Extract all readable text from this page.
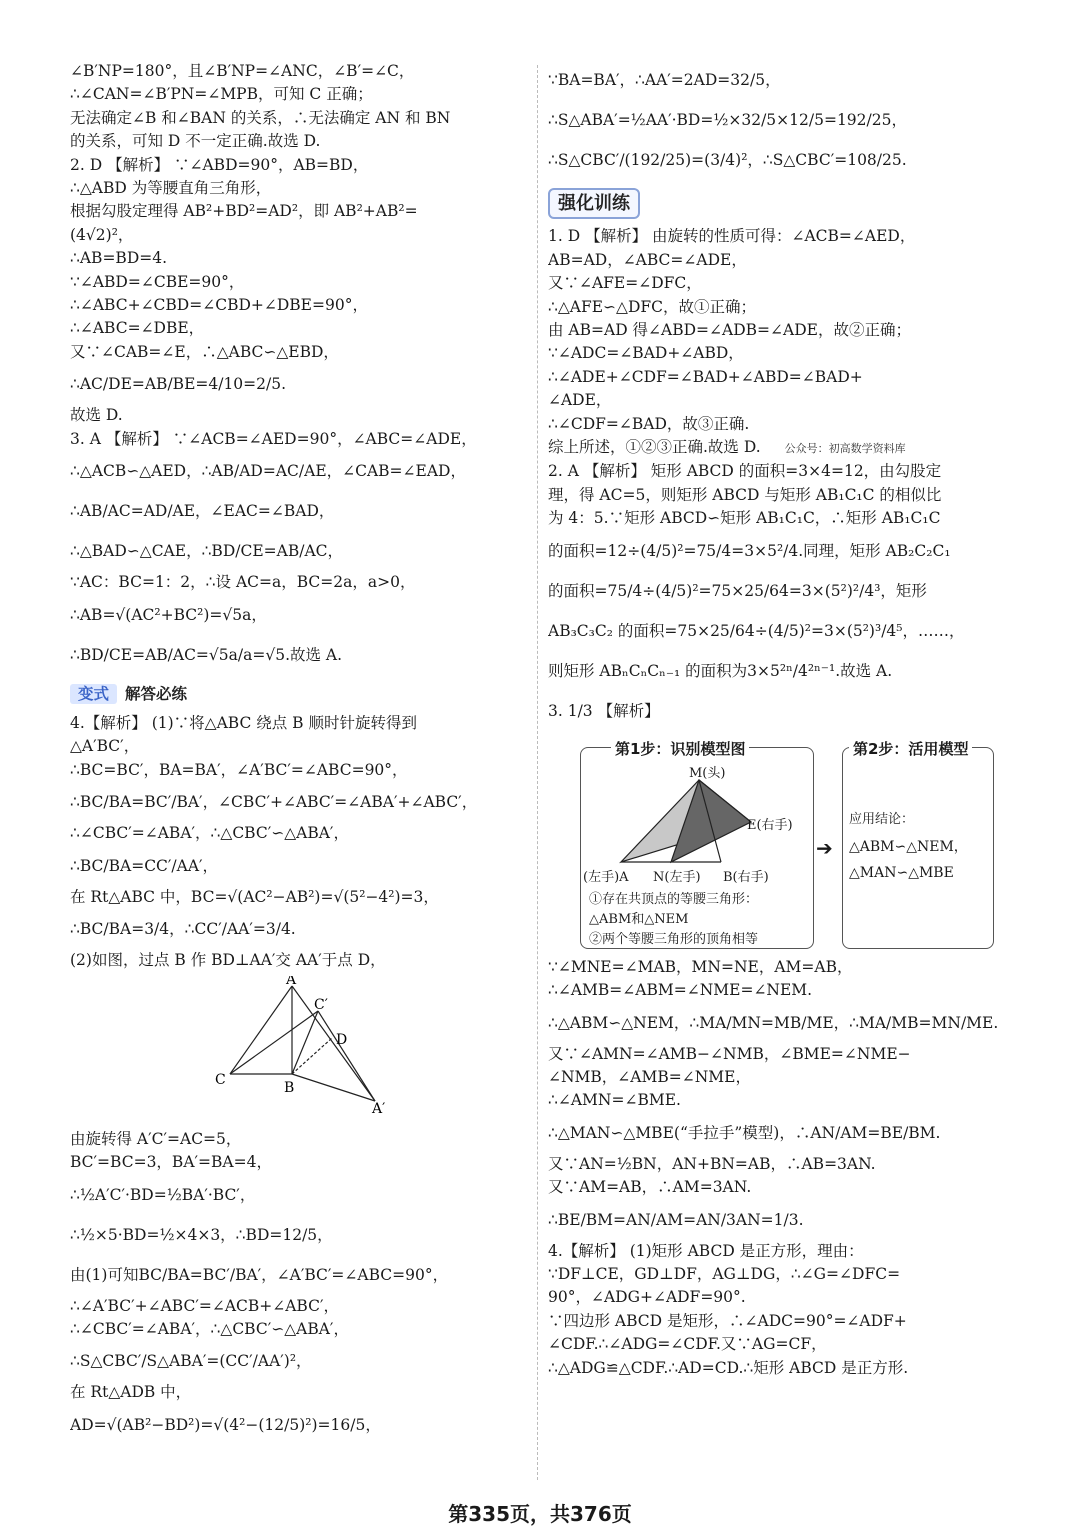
∠B′NP=180°，且∠B′NP=∠ANC，∠B′=∠C，
∴∠CAN=∠B′PN=∠MPB，可知 C 正确；
无法确定∠B 和∠BAN 的关系，∴无法确定 AN 和 BN
的关系，可知 D 不一定正确.故选 D.
2. D 【解析】 ∵∠ABD=90°，AB=BD，
∴△ABD 为等腰直角三角形，
根据勾股定理得 AB²+BD²=AD²，即 AB²+AB²=
(4√2)²，
∴AB=BD=4.
∵∠ABD=∠CBE=90°，
∴∠ABC+∠CBD=∠CBD+∠DBE=90°，
∴∠ABC=∠DBE，
又∵∠CAB=∠E，∴△ABC∽△EBD，
∴AC/DE=AB/BE=4/10=2/5.
故选 D.
3. A 【解析】 ∵∠ACB=∠AED=90°，∠ABC=∠ADE，
∴△ACB∽△AED，∴AB/AD=AC/AE，∠CAB=∠EAD，
∴AB/AC=AD/AE，∠EAC=∠BAD，
∴△BAD∽△CAE，∴BD/CE=AB/AC，
∵AC：BC=1：2，∴设 AC=a，BC=2a，a>0，
∴AB=√(AC²+BC²)=√5a，
∴BD/CE=AB/AC=√5a/a=√5.故选 A.
变式 解答必练
4.【解析】 (1)∵将△ABC 绕点 B 顺时针旋转得到
△A′BC′，
∴BC=BC′，BA=BA′，∠A′BC′=∠ABC=90°，
∴BC/BA=BC′/BA′，∠CBC′+∠ABC′=∠ABA′+∠ABC′，
∴∠CBC′=∠ABA′，∴△CBC′∽△ABA′，
∴BC/BA=CC′/AA′，
在 Rt△ABC 中，BC=√(AC²−AB²)=√(5²−4²)=3，
∴BC/BA=3/4，∴CC′/AA′=3/4.
(2)如图，过点 B 作 BD⊥AA′交 AA′于点 D，
A
C′
D
C	B
A′
由旋转得 A′C′=AC=5，
BC′=BC=3，BA′=BA=4，
∴½A′C′·BD=½BA′·BC′，
∴½×5·BD=½×4×3，∴BD=12/5，
由(1)可知BC/BA=BC′/BA′，∠A′BC′=∠ABC=90°，
∴∠A′BC′+∠ABC′=∠ACB+∠ABC′，
∴∠CBC′=∠ABA′，∴△CBC′∽△ABA′，
∴S△CBC′/S△ABA′=(CC′/AA′)²，
在 Rt△ADB 中，
AD=√(AB²−BD²)=√(4²−(12/5)²)=16/5，
∵BA=BA′，∴AA′=2AD=32/5，
∴S△ABA′=½AA′·BD=½×32/5×12/5=192/25，
∴S△CBC′/(192/25)=(3/4)²，∴S△CBC′=108/25.
强化训练
1. D 【解析】 由旋转的性质可得：∠ACB=∠AED，
AB=AD，∠ABC=∠ADE，
又∵∠AFE=∠DFC，
∴△AFE∽△DFC，故①正确；
由 AB=AD 得∠ABD=∠ADB=∠ADE，故②正确；
∵∠ADC=∠BAD+∠ABD，
∴∠ADE+∠CDF=∠BAD+∠ABD=∠BAD+
∠ADE，
∴∠CDF=∠BAD，故③正确.
综上所述，①②③正确.故选 D. 公众号：初高数学资料库
2. A 【解析】 矩形 ABCD 的面积=3×4=12，由勾股定
理，得 AC=5，则矩形 ABCD 与矩形 AB₁C₁C 的相似比
为 4：5.∵矩形 ABCD∽矩形 AB₁C₁C，∴矩形 AB₁C₁C
的面积=12÷(4/5)²=75/4=3×5²/4.同理，矩形 AB₂C₂C₁
的面积=75/4÷(4/5)²=75×25/64=3×(5²)²/4³，矩形
AB₃C₃C₂ 的面积=75×25/64÷(4/5)²=3×(5²)³/4⁵，……，
则矩形 ABₙCₙCₙ₋₁ 的面积为3×5²ⁿ/4²ⁿ⁻¹.故选 A.
3. 1/3 【解析】
第1步：识别模型图
M(头)
E(右手)
(左手)A N(左手) B(右手)
①存在共顶点的等腰三角形：
△ABM和△NEM
②两个等腰三角形的顶角相等
➔
第2步：活用模型
应用结论：
△ABM∽△NEM，
△MAN∽△MBE
∵∠MNE=∠MAB，MN=NE，AM=AB，
∴∠AMB=∠ABM=∠NME=∠NEM.
∴△ABM∽△NEM，∴MA/MN=MB/ME，∴MA/MB=MN/ME.
又∵∠AMN=∠AMB−∠NMB，∠BME=∠NME−
∠NMB，∠AMB=∠NME，
∴∠AMN=∠BME.
∴△MAN∽△MBE(“手拉手”模型)，∴AN/AM=BE/BM.
又∵AN=½BN，AN+BN=AB，∴AB=3AN.
又∵AM=AB，∴AM=3AN.
∴BE/BM=AN/AM=AN/3AN=1/3.
4.【解析】 (1)矩形 ABCD 是正方形，理由：
∵DF⊥CE，GD⊥DF，AG⊥DG，∴∠G=∠DFC=
90°，∠ADG+∠ADF=90°.
∵四边形 ABCD 是矩形，∴∠ADC=90°=∠ADF+
∠CDF.∴∠ADG=∠CDF.又∵AG=CF，
∴△ADG≌△CDF.∴AD=CD.∴矩形 ABCD 是正方形.
第335页，共376页
